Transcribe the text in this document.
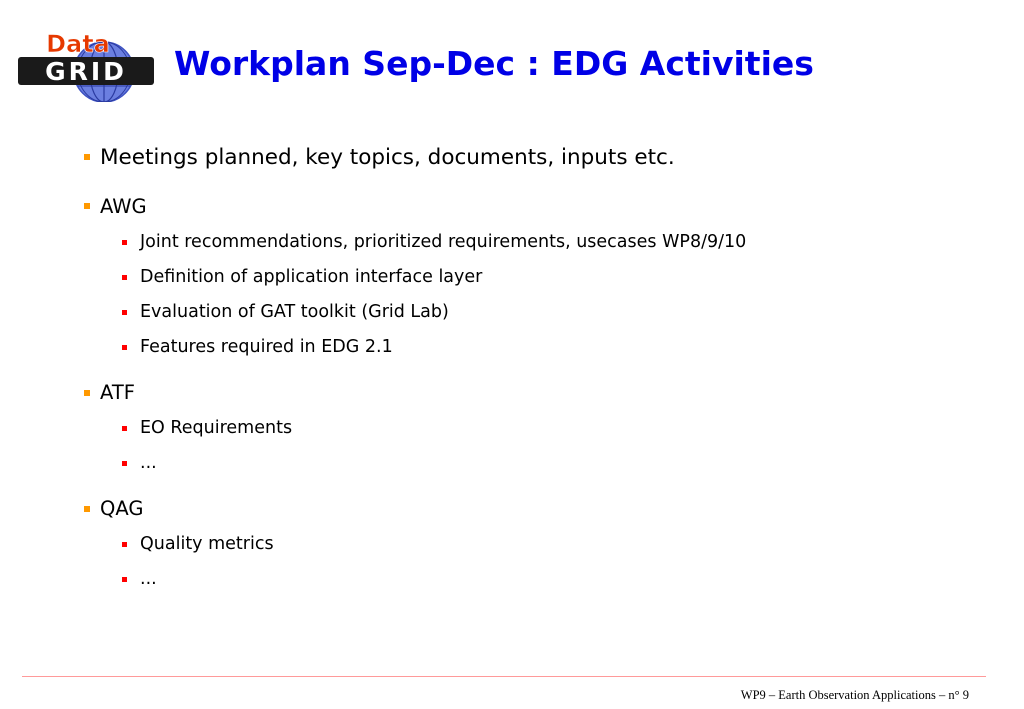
GRID
Data Workplan Sep-Dec : EDG Activities
Meetings planned, key topics, documents, inputs etc.
AWG
Joint recommendations, prioritized requirements, usecases WP8/9/10
Definition of application interface layer
Evaluation of GAT toolkit (Grid Lab)
Features required in EDG 2.1
ATF
EO Requirements
...
QAG
Quality metrics
...
WP9 – Earth Observation Applications – n° 9
